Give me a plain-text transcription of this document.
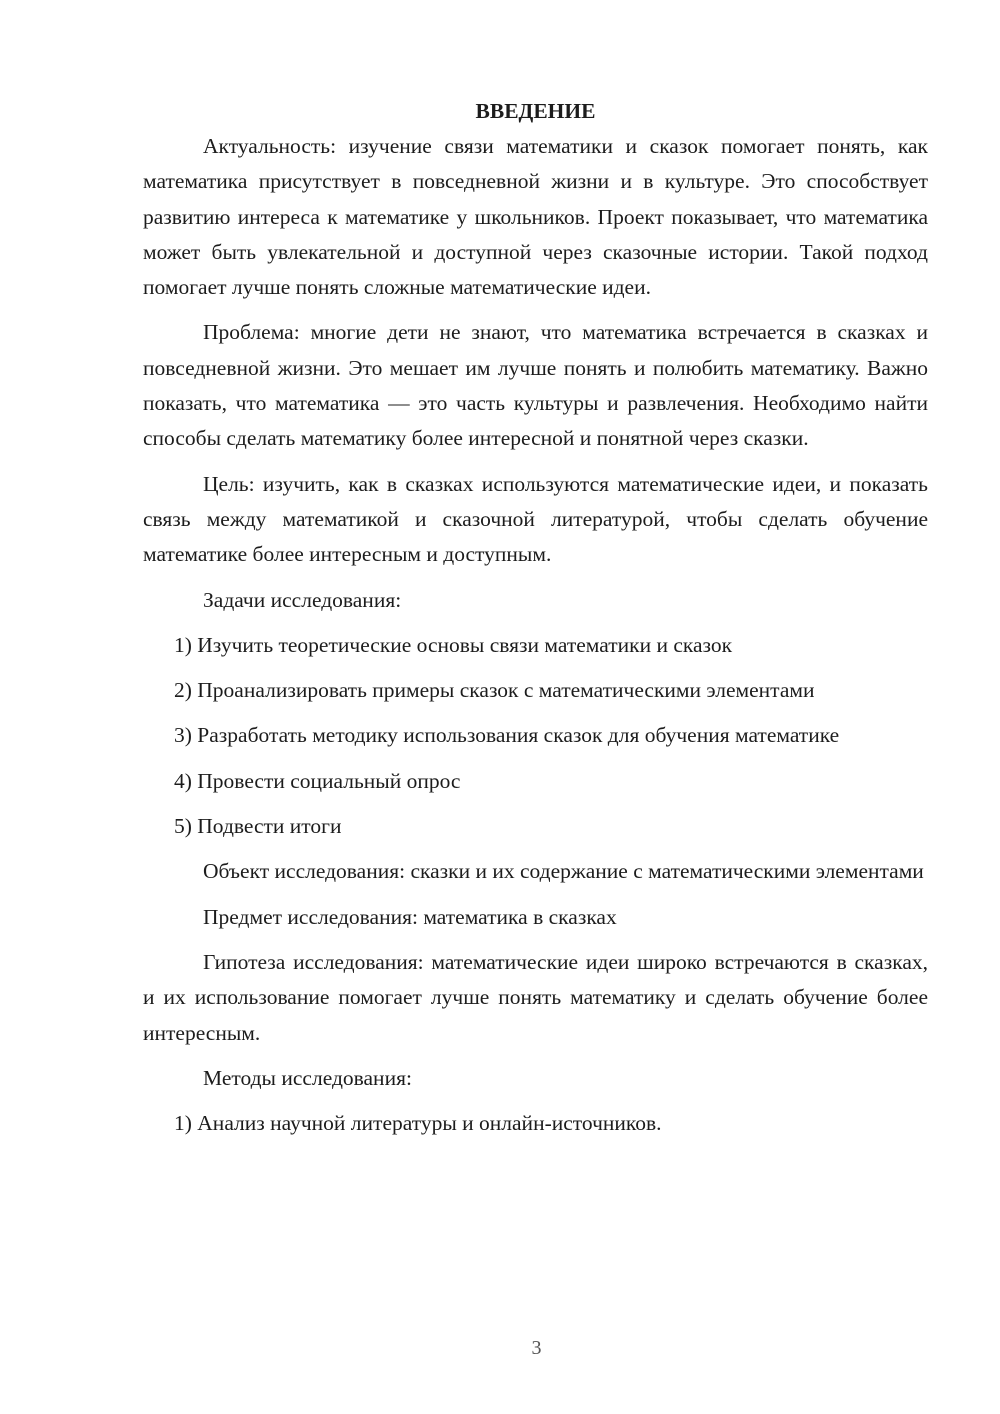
ВВЕДЕНИЕ

Актуальность: изучение связи математики и сказок помогает понять, как математика присутствует в повседневной жизни и в культуре. Это способствует развитию интереса к математике у школьников. Проект показывает, что математика может быть увлекательной и доступной через сказочные истории. Такой подход помогает лучше понять сложные математические идеи.

Проблема: многие дети не знают, что математика встречается в сказках и повседневной жизни. Это мешает им лучше понять и полюбить математику. Важно показать, что математика — это часть культуры и развлечения. Необходимо найти способы сделать математику более интересной и понятной через сказки.

Цель: изучить, как в сказках используются математические идеи, и показать связь между математикой и сказочной литературой, чтобы сделать обучение математике более интересным и доступным.

Задачи исследования:

1) Изучить теоретические основы связи математики и сказок

2) Проанализировать примеры сказок с математическими элементами

3) Разработать методику использования сказок для обучения математике

4) Провести социальный опрос

5) Подвести итоги

Объект исследования: сказки и их содержание с математическими элементами

Предмет исследования: математика в сказках

Гипотеза исследования: математические идеи широко встречаются в сказках, и их использование помогает лучше понять математику и сделать обучение более интересным.

Методы исследования:

1) Анализ научной литературы и онлайн-источников.

3
